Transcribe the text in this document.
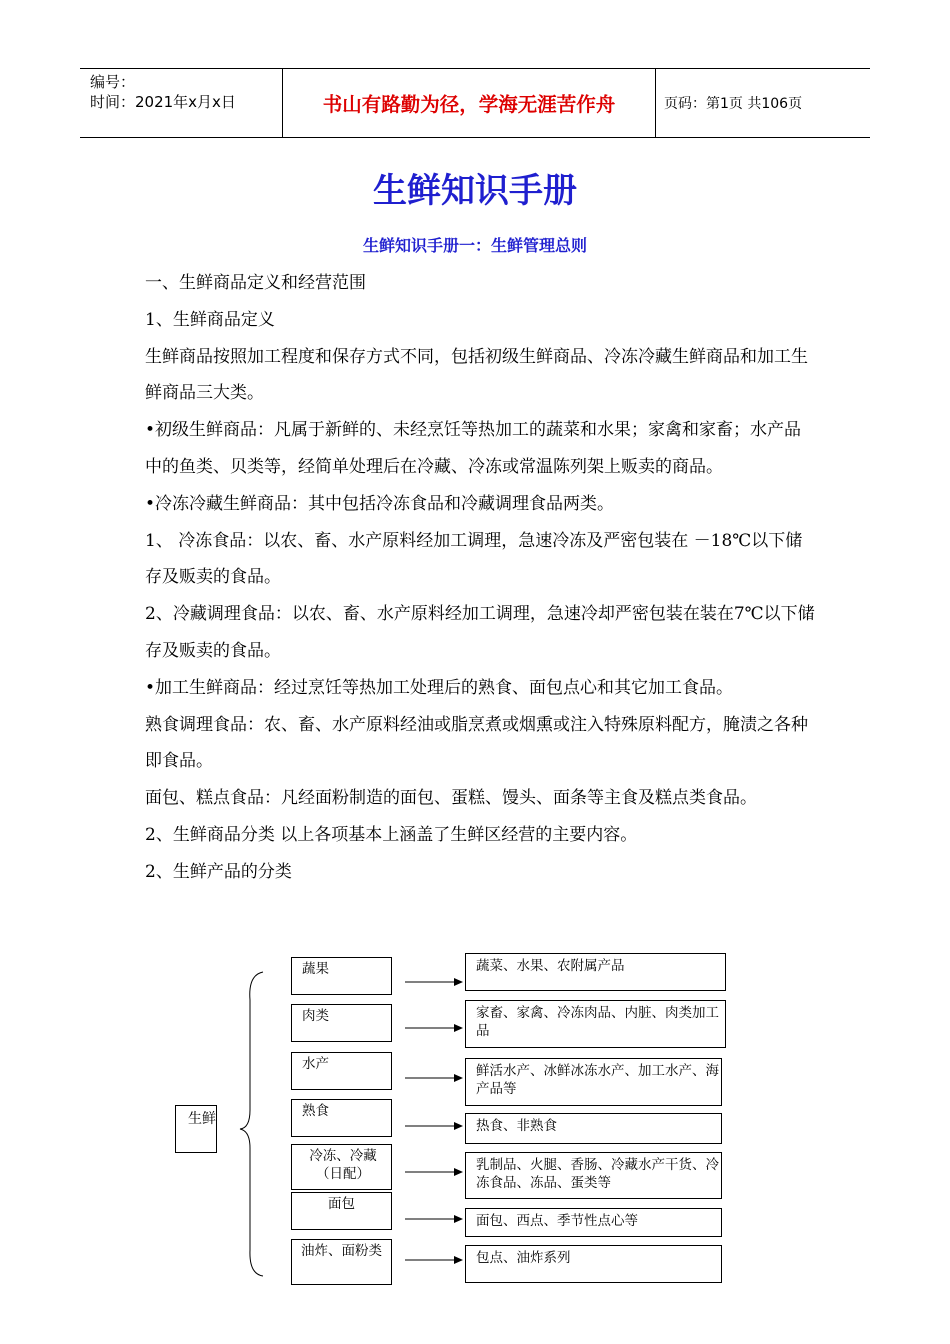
编号：
时间：2021年x月x日	书山有路勤为径，学海无涯苦作舟	页码：第1页 共106页
生鲜知识手册
生鲜知识手册一：生鲜管理总则

一、生鲜商品定义和经营范围

1、生鲜商品定义

生鲜商品按照加工程度和保存方式不同，包括初级生鲜商品、冷冻冷藏生鲜商品和加工生鲜商品三大类。

•初级生鲜商品：凡属于新鲜的、未经烹饪等热加工的蔬菜和水果；家禽和家畜；水产品中的鱼类、贝类等，经简单处理后在冷藏、冷冻或常温陈列架上贩卖的商品。

•冷冻冷藏生鲜商品：其中包括冷冻食品和冷藏调理食品两类。

1、 冷冻食品：以农、畜、水产原料经加工调理，急速冷冻及严密包装在 －18℃以下储存及贩卖的食品。

2、冷藏调理食品：以农、畜、水产原料经加工调理，急速冷却严密包装在装在7℃以下储存及贩卖的食品。

•加工生鲜商品：经过烹饪等热加工处理后的熟食、面包点心和其它加工食品。

熟食调理食品：农、畜、水产原料经油或脂烹煮或烟熏或注入特殊原料配方，腌渍之各种即食品。

面包、糕点食品：凡经面粉制造的面包、蛋糕、馒头、面条等主食及糕点类食品。

2、生鲜商品分类 以上各项基本上涵盖了生鲜区经营的主要内容。

2、生鲜产品的分类

生鲜
蔬果
肉类
水产
熟食
冷冻、冷藏（日配）
面包
油炸、面粉类
蔬菜、水果、农附属产品
家畜、家禽、冷冻肉品、内脏、肉类加工品
鲜活水产、冰鲜冰冻水产、加工水产、海产品等
热食、非熟食
乳制品、火腿、香肠、冷藏水产干货、冷冻食品、冻品、蛋类等
面包、西点、季节性点心等
包点、油炸系列
